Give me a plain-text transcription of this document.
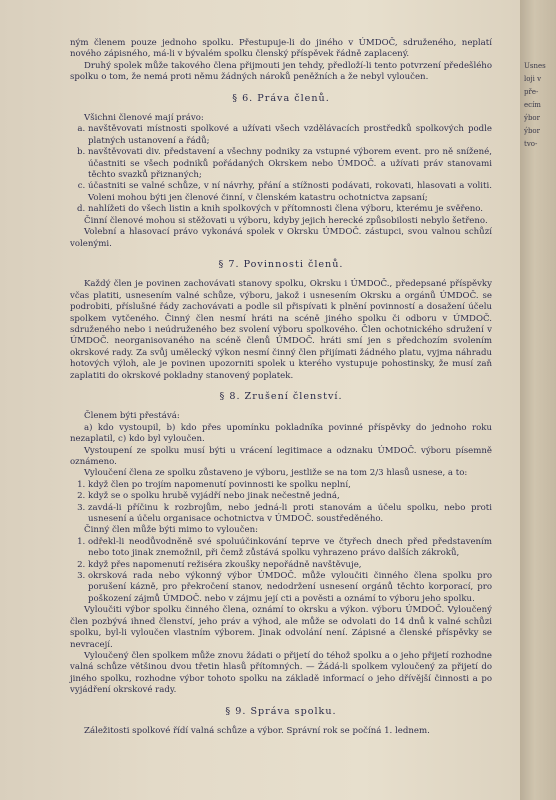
ným členem pouze jednoho spolku. Přestupuje-li do jiného v ÚMDOČ, sdruženého, neplatí nového zápisného, má-li v bývalém spolku členský příspěvek řádně zaplacený.

Druhý spolek může takového člena přijmouti jen tehdy, předloží-li tento potvrzení předešlého spolku o tom, že nemá proti němu žádných nároků peněžních a že nebyl vyloučen.

§ 6. Práva členů.

Všichni členové mají právo:

a. navštěvovati místnosti spolkové a užívati všech vzdělávacích prostředků spolkových podle platných ustanovení a řádů;
b. navštěvovati div. představení a všechny podniky za vstupné výborem event. pro ně snížené, účastniti se všech podniků pořádaných Okrskem nebo ÚMDOČ. a užívati práv stanovami těchto svazků přiznaných;
c. účastniti se valné schůze, v ní návrhy, přání a stížnosti podávati, rokovati, hlasovati a voliti. Voleni mohou býti jen členové činní, v členském katastru ochotnictva zapsaní;
d. nahlížeti do všech listin a knih spolkových v přítomnosti člena výboru, kterému je svěřeno.

Činní členové mohou si stěžovati u výboru, kdyby jejich herecké způsobilosti nebylo šetřeno.

Volební a hlasovací právo vykonává spolek v Okrsku ÚMDOČ. zástupci, svou valnou schůzí volenými.

§ 7. Povinnosti členů.

Každý člen je povinen zachovávati stanovy spolku, Okrsku i ÚMDOČ., předepsané příspěvky včas platiti, usnesením valné schůze, výboru, jakož i usnesením Okrsku a orgánů ÚMDOČ. se podrobiti, příslušné řády zachovávati a podle sil přispívati k plnění povinností a dosažení účelu spolkem vytčeného. Činný člen nesmí hráti na scéně jiného spolku či odboru v ÚMDOČ. sdruženého nebo i neúdruženého bez svolení výboru spolkového. Člen ochotnického sdružení v ÚMDOČ. neorganisovaného na scéně členů ÚMDOČ. hráti smí jen s předchozím svolením okrskové rady. Za svůj umělecký výkon nesmí činný člen přijímati žádného platu, vyjma náhradu hotových výloh, ale je povinen upozorniti spolek u kterého vystupuje pohostinsky, že musí zaň zaplatiti do okrskové pokladny stanovený poplatek.

§ 8. Zrušení členství.

Členem býti přestává:

a) kdo vystoupil, b) kdo přes upomínku pokladníka povinné příspěvky do jednoho roku nezaplatil, c) kdo byl vyloučen.

Vystoupení ze spolku musí býti u vrácení legitimace a odznaku ÚMDOČ. výboru písemně oznámeno.

Vyloučení člena ze spolku zůstaveno je výboru, jestliže se na tom 2/3 hlasů usnese, a to:

1. když člen po trojím napomenutí povinnosti ke spolku neplní,
2. když se o spolku hrubě vyjádří nebo jinak nečestně jedná,
3. zavdá-li příčinu k rozbrojům, nebo jedná-li proti stanovám a účelu spolku, nebo proti usnesení a účelu organisace ochotnictva v ÚMDOČ. soustředěného.

Činný člen může býti mimo to vyloučen:

1. odřekl-li neodůvodněně své spoluúčinkování teprve ve čtyřech dnech před představením nebo toto jinak znemožnil, při čemž zůstává spolku vyhrazeno právo dalších zákroků,
2. když přes napomenutí režiséra zkoušky nepořádně navštěvuje,
3. okrsková rada nebo výkonný výbor ÚMDOČ. může vyloučiti činného člena spolku pro porušení kázně, pro překročení stanov, nedodržení usnesení orgánů těchto korporací, pro poškození zájmů ÚMDOČ. nebo v zájmu její cti a pověsti a oznámí to výboru jeho spolku.

Vyloučiti výbor spolku činného člena, oznámí to okrsku a výkon. výboru ÚMDOČ. Vyloučený člen pozbývá ihned členství, jeho práv a výhod, ale může se odvolati do 14 dnů k valné schůzi spolku, byl-li vyloučen vlastním výborem. Jinak odvolání není. Zápisné a členské příspěvky se nevracejí.

Vyloučený člen spolkem může znovu žádati o přijetí do téhož spolku a o jeho přijetí rozhodne valná schůze většinou dvou třetin hlasů přítomných. — Žádá-li spolkem vyloučený za přijetí do jiného spolku, rozhodne výbor tohoto spolku na základě informací o jeho dřívější činnosti a po vyjádření okrskové rady.

§ 9. Správa spolku.

Záležitosti spolkové řídí valná schůze a výbor. Správní rok se počíná 1. lednem.

Usnes
loji v
pře-
ecím
ýbor
ýbor
tvo-
